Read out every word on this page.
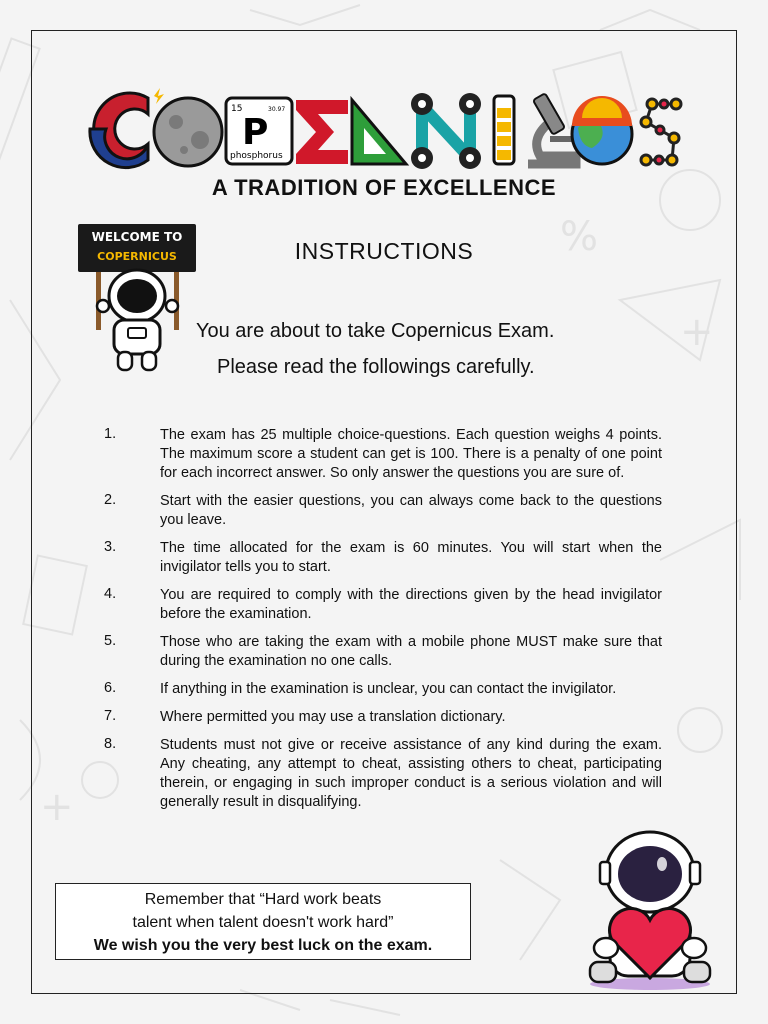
+
%
+
15	30.97
P
phosphorus
A TRADITION OF EXCELLENCE
WELCOME TO
COPERNICUS	INSTRUCTIONS
You are about to take Copernicus Exam.
Please read the followings carefully.
1.	The exam has 25 multiple choice-questions. Each question weighs 4 points. The maximum score a student can get is 100. There is a penalty of one point for each incorrect answer. So only answer the questions you are sure of.
2.	Start with the easier questions, you can always come back to the questions you leave.
3.	The time allocated for the exam is 60 minutes. You will start when the invigilator tells you to start.
4.	You are required to comply with the directions given by the head invigilator before the examination.
5.	Those who are taking the exam with a mobile phone MUST make sure that during the examination no one calls.
6.	If anything in the examination is unclear, you can contact the invigilator.
7.	Where permitted you may use a translation dictionary.
8.	Students must not give or receive assistance of any kind during the exam. Any cheating, any attempt to cheat, assisting others to cheat, participating therein, or engaging in such improper conduct is a serious violation and will generally result in disqualifying.
Remember that “Hard work beats
talent when talent doesn't work hard”
We wish you the very best luck on the exam.
